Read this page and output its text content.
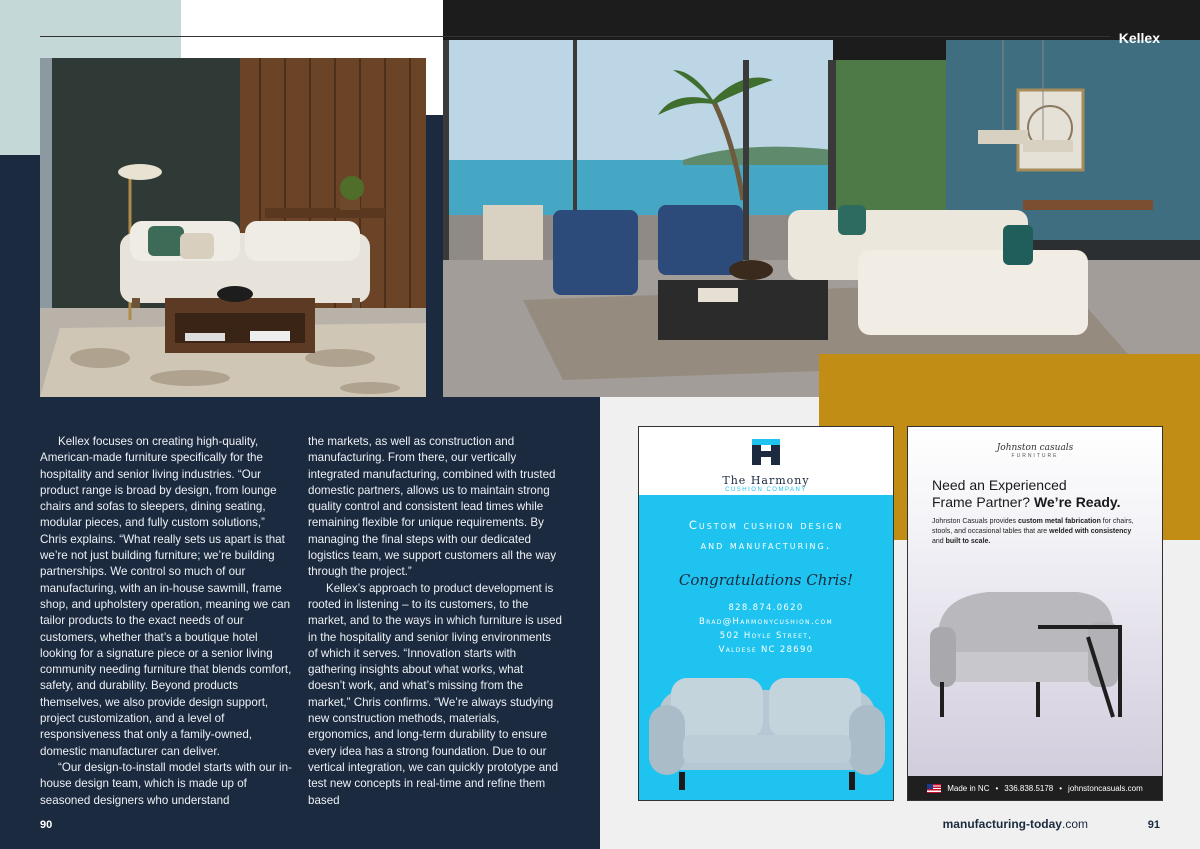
Kellex

Kellex focuses on creating high-quality, American-made furniture specifically for the hospitality and senior living industries. “Our product range is broad by design, from lounge chairs and sofas to sleepers, dining seating, modular pieces, and fully custom solutions,” Chris explains. “What really sets us apart is that we’re not just building furniture; we’re building partnerships. We control so much of our manufacturing, with an in-house sawmill, frame shop, and upholstery operation, meaning we can tailor products to the exact needs of our customers, whether that’s a boutique hotel looking for a signature piece or a senior living community needing furniture that blends comfort, safety, and durability. Beyond products themselves, we also provide design support, project customization, and a level of responsiveness that only a family-owned, domestic manufacturer can deliver.

“Our design-to-install model starts with our in-house design team, which is made up of seasoned designers who understand

the markets, as well as construction and manufacturing. From there, our vertically integrated manufacturing, combined with trusted domestic partners, allows us to maintain strong quality control and consistent lead times while remaining flexible for unique requirements. By managing the final steps with our dedicated logistics team, we support customers all the way through the project.”

Kellex’s approach to product development is rooted in listening – to its customers, to the market, and to the ways in which furniture is used in the hospitality and senior living environments of which it serves. “Innovation starts with gathering insights about what works, what doesn’t work, and what’s missing from the market,” Chris confirms. “We’re always studying new construction methods, materials, ergonomics, and long-term durability to ensure every idea has a strong foundation. Due to our vertical integration, we can quickly prototype and test new concepts in real-time and refine them based

The Harmony
CUSHION COMPANY
Custom cushion design
and manufacturing.
Congratulations Chris!
828.874.0620
Brad@Harmonycushion.com
502 Hoyle Street,
Valdese NC 28690
Johnston casuals
FURNITURE
Need an Experienced
Frame Partner? We’re Ready.
Johnston Casuals provides custom metal fabrication for chairs, stools, and occasional tables that are welded with consistency and built to scale.
Made in NC • 336.838.5178 • johnstoncasuals.com
90	manufacturing-today.com	91
